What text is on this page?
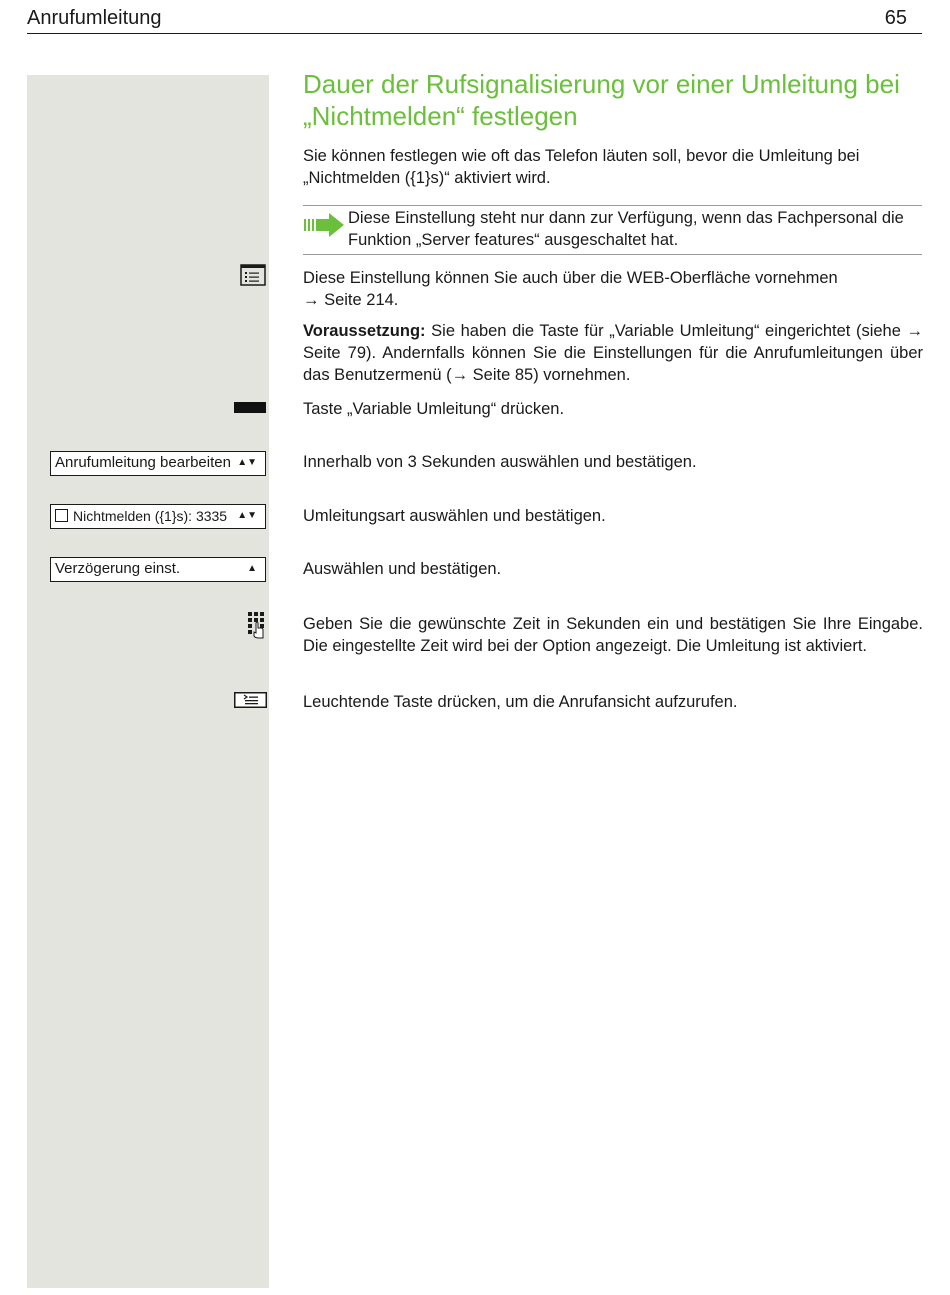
Anrufumleitung	65
Dauer der Rufsignalisierung vor einer Umleitung bei „Nichtmelden“ festlegen
Sie können festlegen wie oft das Telefon läuten soll, bevor die Umleitung bei „Nichtmelden ({1}s)“ aktiviert wird.
Diese Einstellung steht nur dann zur Verfügung, wenn das Fachpersonal die Funktion „Server features“ ausgeschaltet hat.
Diese Einstellung können Sie auch über die WEB-Oberfläche vornehmen
→ Seite 214.
Voraussetzung: Sie haben die Taste für „Variable Umleitung“ eingerichtet (siehe → Seite 79). Andernfalls können Sie die Einstellungen für die Anrufumleitungen über das Benutzermenü (→ Seite 85) vornehmen.
Taste „Variable Umleitung“ drücken.
Anrufumleitung bearbeiten ▲▼	Innerhalb von 3 Sekunden auswählen und bestätigen.
Nichtmelden ({1}s): 3335 ▲▼	Umleitungsart auswählen und bestätigen.
Verzögerung einst.	▲	Auswählen und bestätigen.
Geben Sie die gewünschte Zeit in Sekunden ein und bestätigen Sie Ihre Eingabe. Die eingestellte Zeit wird bei der Option angezeigt. Die Umleitung ist aktiviert.
Leuchtende Taste drücken, um die Anrufansicht aufzurufen.
